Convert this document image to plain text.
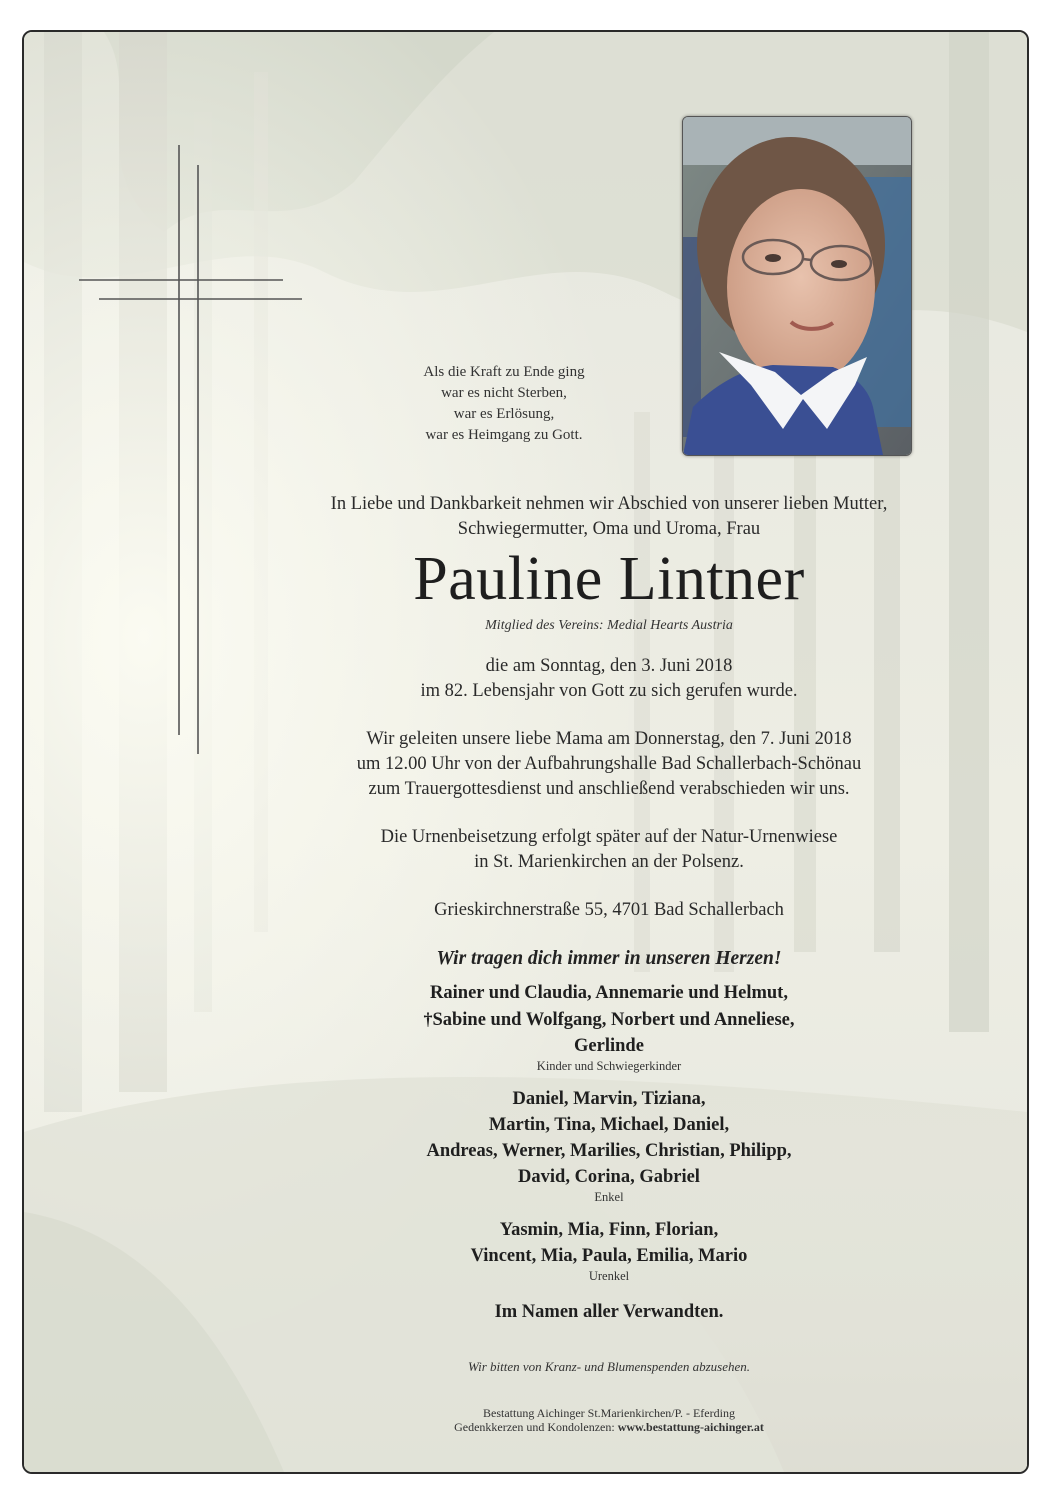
Als die Kraft zu Ende ging
war es nicht Sterben,
war es Erlösung,
war es Heimgang zu Gott.
In Liebe und Dankbarkeit nehmen wir Abschied von unserer lieben Mutter,
Schwiegermutter, Oma und Uroma, Frau
Pauline Lintner
Mitglied des Vereins: Medial Hearts Austria
die am Sonntag, den 3. Juni 2018
im 82. Lebensjahr von Gott zu sich gerufen wurde.
Wir geleiten unsere liebe Mama am Donnerstag, den 7. Juni 2018
um 12.00 Uhr von der Aufbahrungshalle Bad Schallerbach-Schönau
zum Trauergottesdienst und anschließend verabschieden wir uns.
Die Urnenbeisetzung erfolgt später auf der Natur-Urnenwiese
in St. Marienkirchen an der Polsenz.
Grieskirchnerstraße 55, 4701 Bad Schallerbach
Wir tragen dich immer in unseren Herzen!
Rainer und Claudia, Annemarie und Helmut,
†Sabine und Wolfgang, Norbert und Anneliese,
Gerlinde
Kinder und Schwiegerkinder
Daniel, Marvin, Tiziana,
Martin, Tina, Michael, Daniel,
Andreas, Werner, Marilies, Christian, Philipp,
David, Corina, Gabriel
Enkel
Yasmin, Mia, Finn, Florian,
Vincent, Mia, Paula, Emilia, Mario
Urenkel
Im Namen aller Verwandten.
Wir bitten von Kranz- und Blumenspenden abzusehen.
Bestattung Aichinger St.Marienkirchen/P. - Eferding
Gedenkkerzen und Kondolenzen: www.bestattung-aichinger.at
